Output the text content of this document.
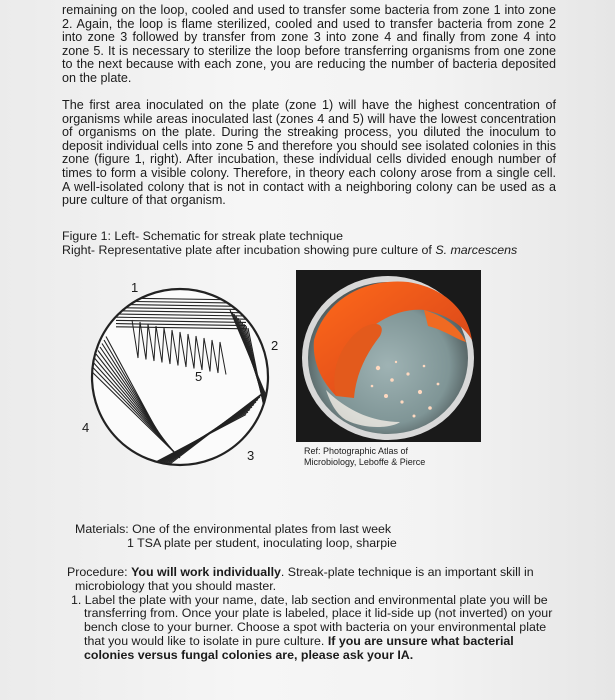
remaining on the loop, cooled and used to transfer some bacteria from zone 1 into zone 2. Again, the loop is flame sterilized, cooled and used to transfer bacteria from zone 2 into zone 3 followed by transfer from zone 3 into zone 4 and finally from zone 4 into zone 5. It is necessary to sterilize the loop before transferring organisms from one zone to the next because with each zone, you are reducing the number of bacteria deposited on the plate.

The first area inoculated on the plate (zone 1) will have the highest concentration of organisms while areas inoculated last (zones 4 and 5) will have the lowest concentration of organisms on the plate. During the streaking process, you diluted the inoculum to deposit individual cells into zone 5 and therefore you should see isolated colonies in this zone (figure 1, right). After incubation, these individual cells divided enough number of times to form a visible colony. Therefore, in theory each colony arose from a single cell. A well-isolated colony that is not in contact with a neighboring colony can be used as a pure culture of that organism.

Figure 1: Left- Schematic for streak plate technique
Right- Representative plate after incubation showing pure culture of S. marcescens
1
2
3
4
5
Ref: Photographic Atlas of
Microbiology, Leboffe & Pierce
Materials: One of the environmental plates from last week
1 TSA plate per student, inoculating loop, sharpie
Procedure: You will work individually. Streak-plate technique is an important skill in microbiology that you should master.
1. Label the plate with your name, date, lab section and environmental plate you will be transferring from. Once your plate is labeled, place it lid-side up (not inverted) on your bench close to your burner. Choose a spot with bacteria on your environmental plate that you would like to isolate in pure culture. If you are unsure what bacterial colonies versus fungal colonies are, please ask your IA.
